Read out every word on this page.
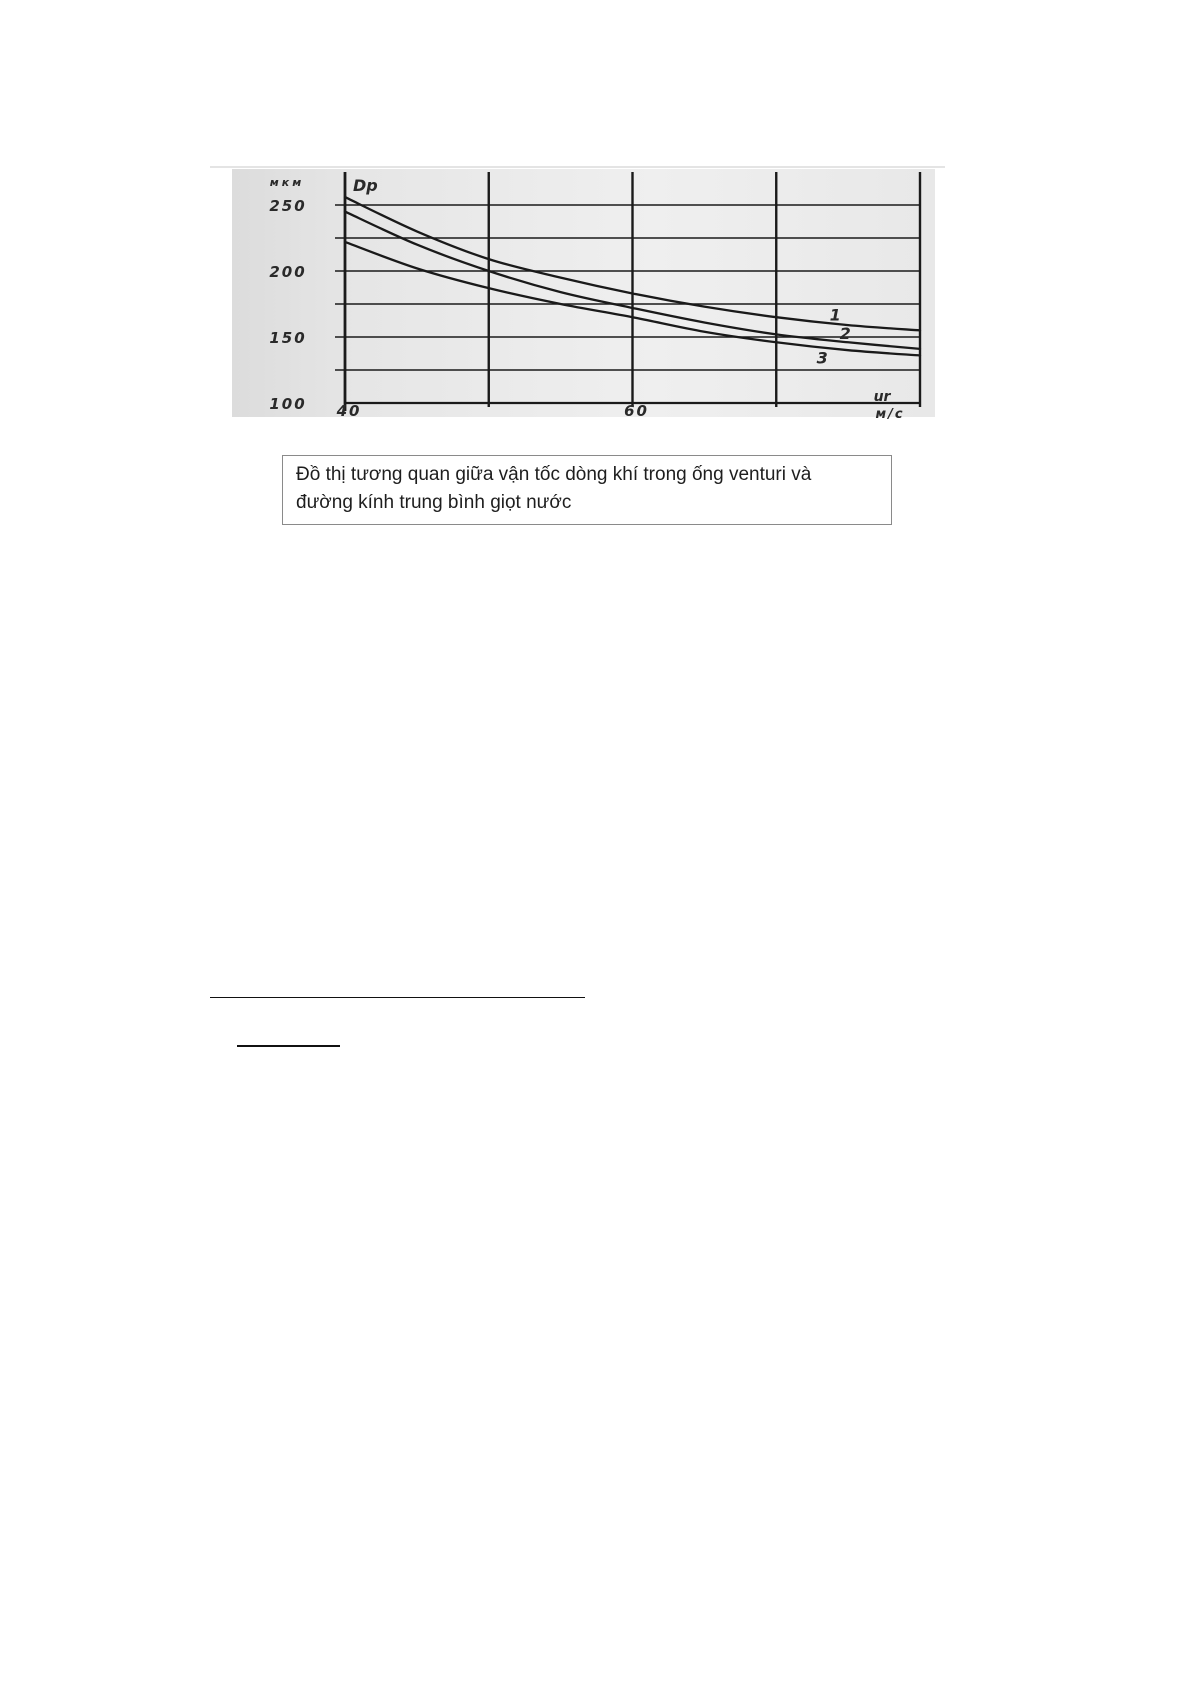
1
2
3
250
200
150
100 40	60
мкм	Dp
ur
м/с
Đồ thị tương quan giữa vận tốc dòng khí trong ống venturi và
đường kính trung bình giọt nước
